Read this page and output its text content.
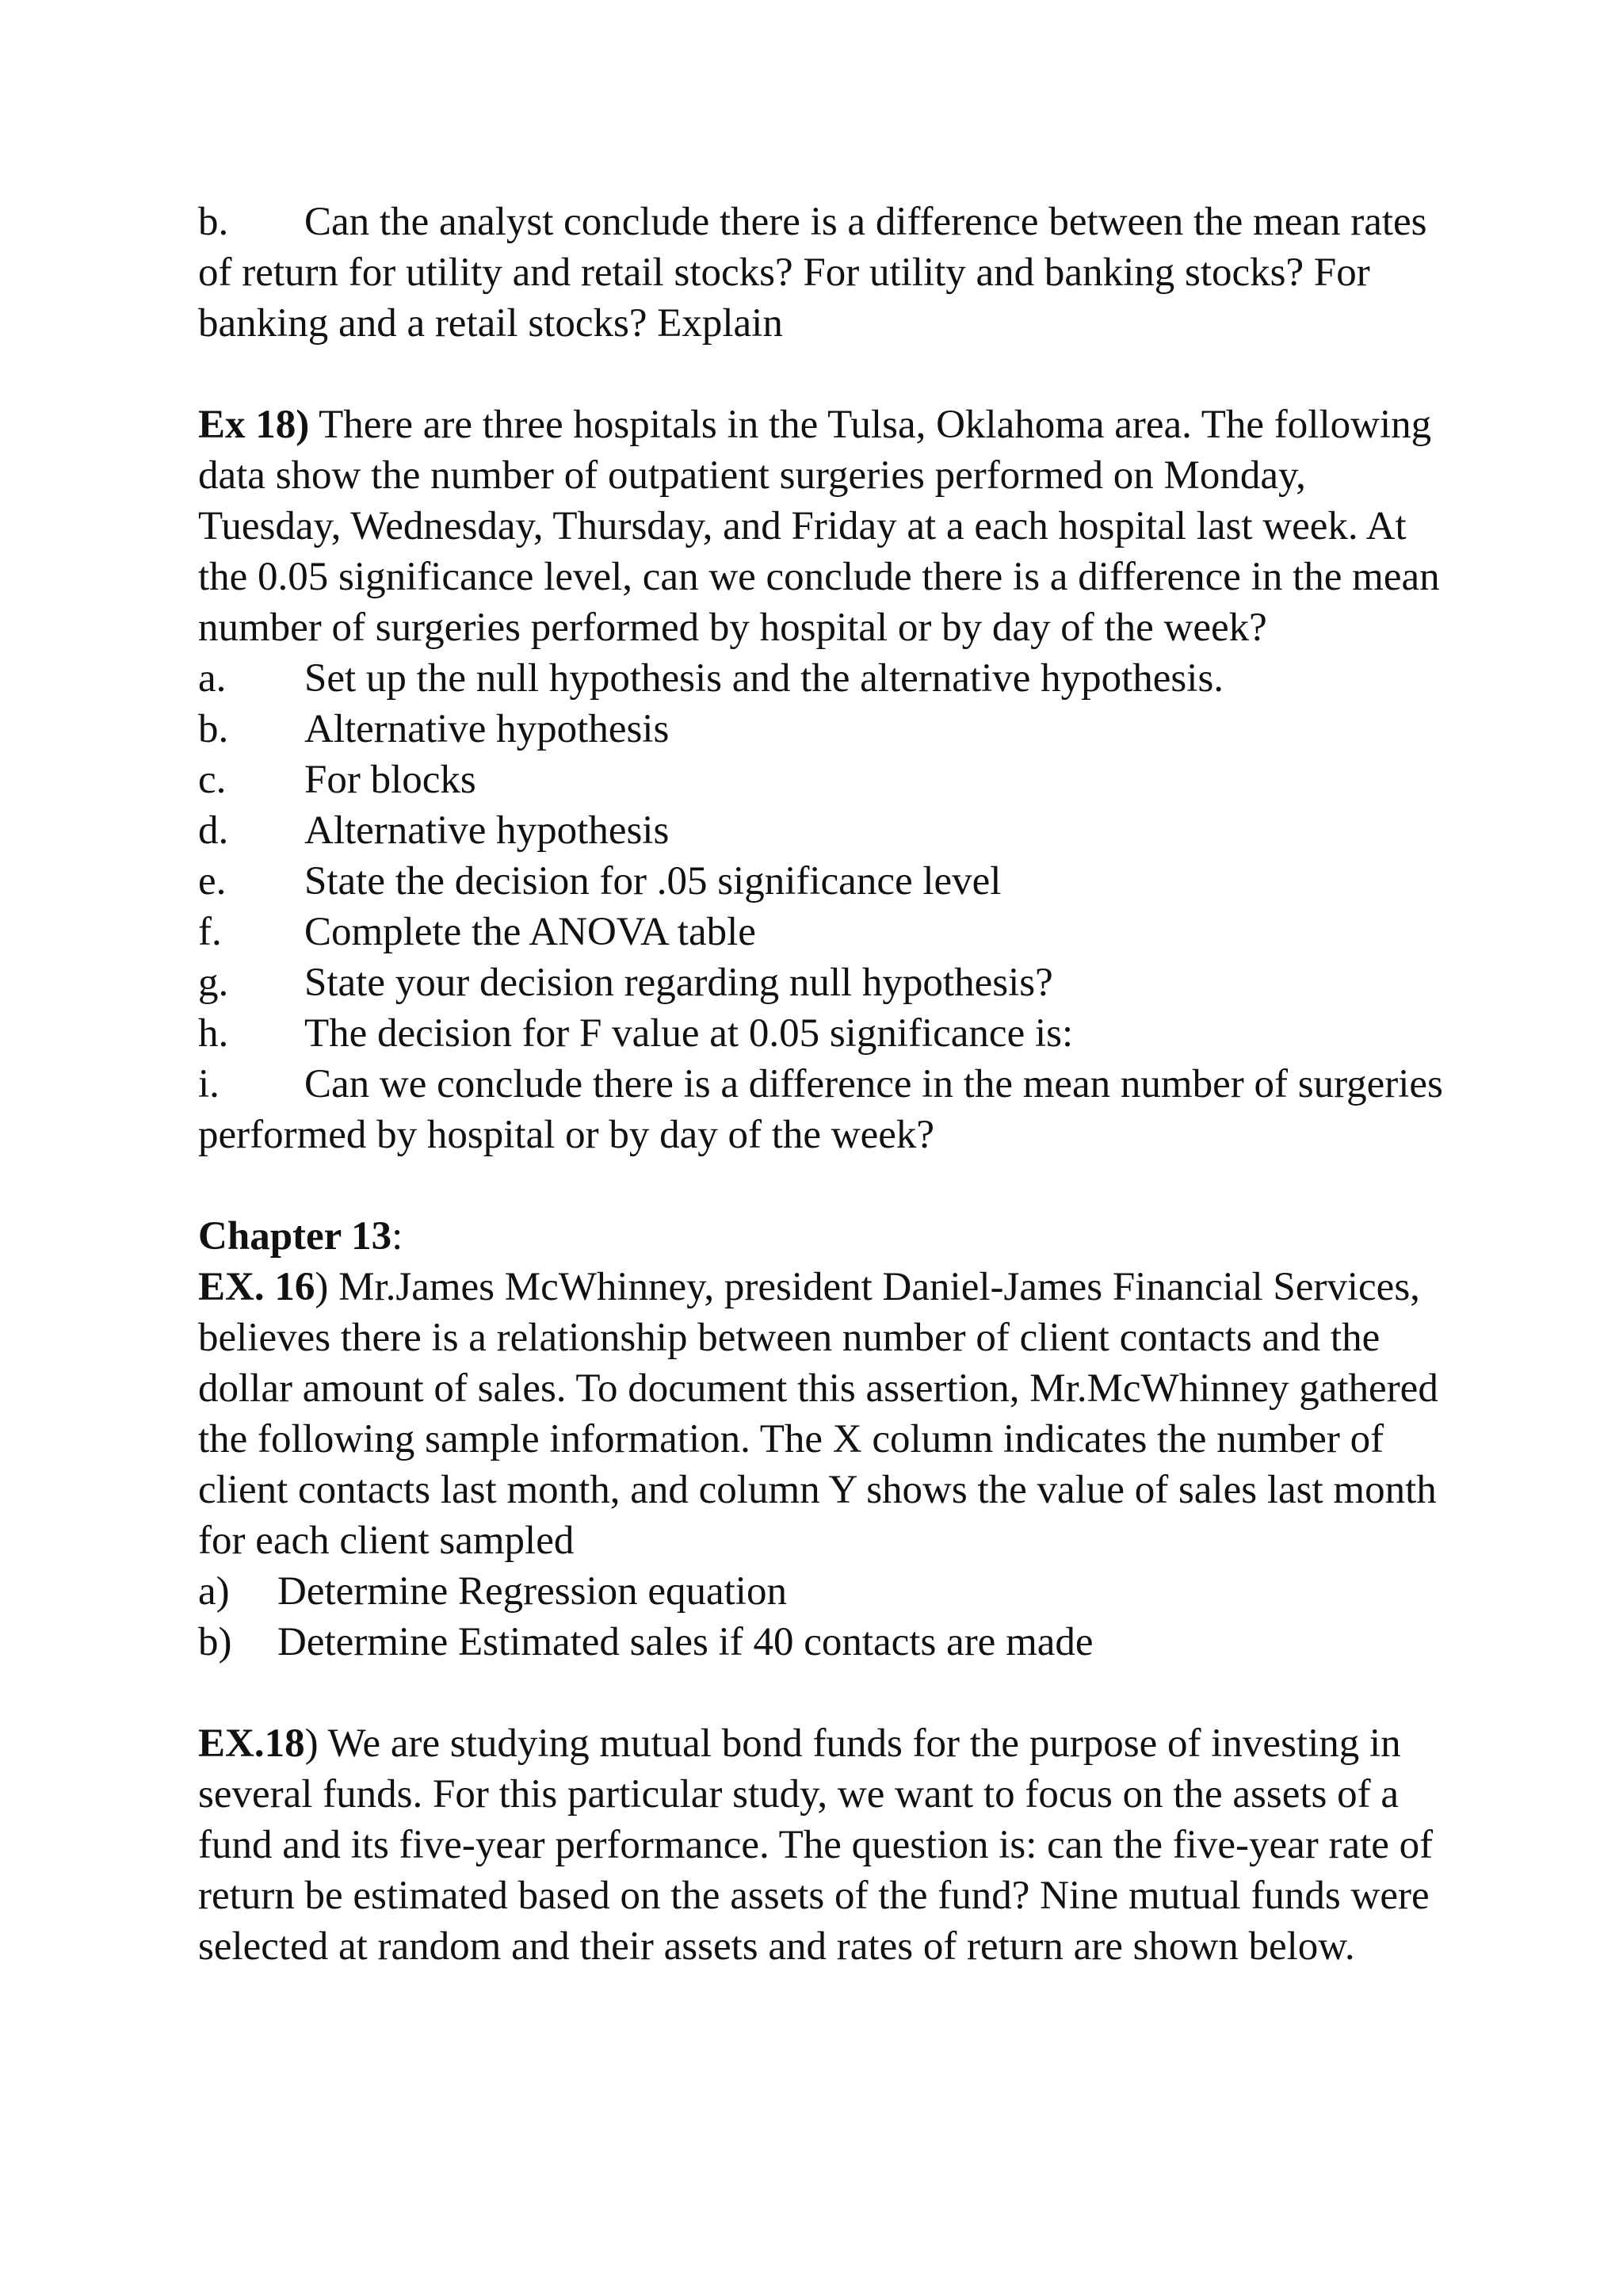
b. Can the analyst conclude there is a difference between the mean rates of return for utility and retail stocks? For utility and banking stocks? For banking and a retail stocks? Explain

Ex 18) There are three hospitals in the Tulsa, Oklahoma area. The following data show the number of outpatient surgeries performed on Monday, Tuesday, Wednesday, Thursday, and Friday at a each hospital last week. At the 0.05 significance level, can we conclude there is a difference in the mean number of surgeries performed by hospital or by day of the week?

a.	Set up the null hypothesis and the alternative hypothesis.
b.	Alternative hypothesis
c.	For blocks
d.	Alternative hypothesis
e.	State the decision for .05 significance level
f.	Complete the ANOVA table
g.	State your decision regarding null hypothesis?
h.	The decision for F value at 0.05 significance is:

i. Can we conclude there is a difference in the mean number of surgeries performed by hospital or by day of the week?

Chapter 13:

EX. 16) Mr.James McWhinney, president Daniel-James Financial Services, believes there is a relationship between number of client contacts and the dollar amount of sales. To document this assertion, Mr.McWhinney gathered the following sample information. The X column indicates the number of client contacts last month, and column Y shows the value of sales last month for each client sampled

a)	Determine Regression equation
b)	Determine Estimated sales if 40 contacts are made

EX.18) We are studying mutual bond funds for the purpose of investing in several funds. For this particular study, we want to focus on the assets of a fund and its five-year performance. The question is: can the five-year rate of return be estimated based on the assets of the fund? Nine mutual funds were selected at random and their assets and rates of return are shown below.
